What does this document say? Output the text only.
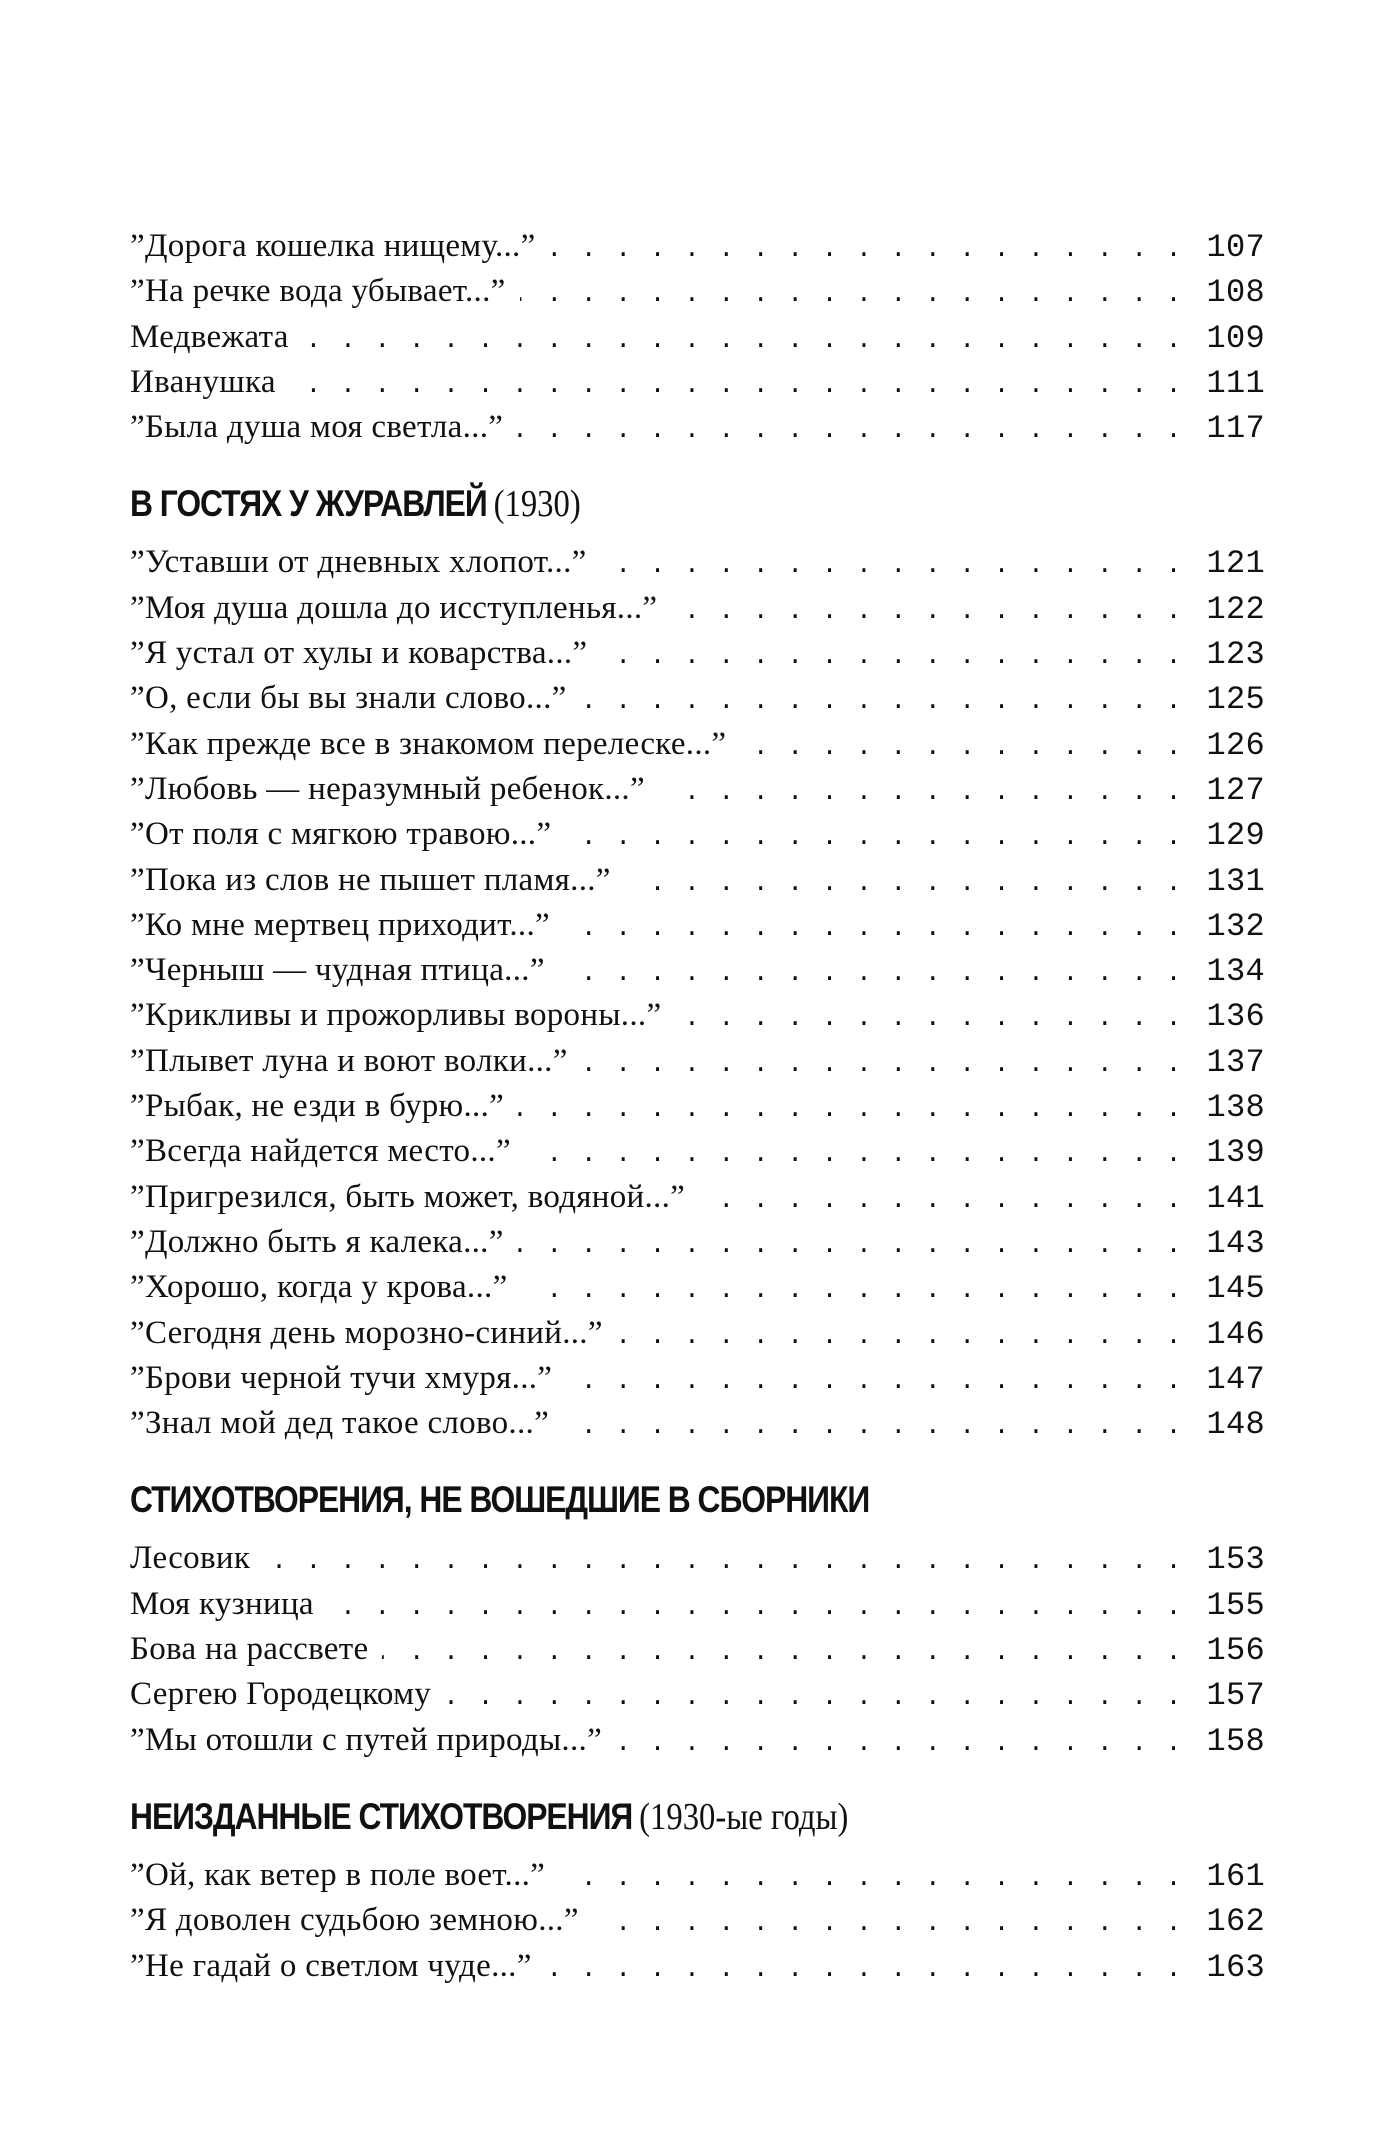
”Дорога кошелка нищему...” . . .	107
”На речке вода убывает...” . . .	108
Медвежата . . .	109
Иванушка . . .	111
”Была душа моя светла...” . . .	117
В ГОСТЯХ У ЖУРАВЛЕЙ (1930)
”Уставши от дневных хлопот...” . . .	121
”Моя душа дошла до исступленья...” . . .	122
”Я устал от хулы и коварства...” . . .	123
”О, если бы вы знали слово...” . . .	125
”Как прежде все в знакомом перелеске...” . . .	126
”Любовь — неразумный ребенок...” . . .	127
”От поля с мягкою травою...” . . .	129
”Пока из слов не пышет пламя...” . . .	131
”Ко мне мертвец приходит...” . . .	132
”Черныш — чудная птица...” . . .	134
”Крикливы и прожорливы вороны...” . . .	136
”Плывет луна и воют волки...” . . .	137
”Рыбак, не езди в бурю...” . . .	138
”Всегда найдется место...” . . .	139
”Пригрезился, быть может, водяной...” . . .	141
”Должно быть я калека...” . . .	143
”Хорошо, когда у крова...” . . .	145
”Сегодня день морозно-синий...” . . .	146
”Брови черной тучи хмуря...” . . .	147
”Знал мой дед такое слово...” . . .	148
СТИХОТВОРЕНИЯ, НЕ ВОШЕДШИЕ В СБОРНИКИ
Лесовик . . .	153
Моя кузница . . .	155
Бова на рассвете . . .	156
Сергею Городецкому . . .	157
”Мы отошли с путей природы...” . . .	158
НЕИЗДАННЫЕ СТИХОТВОРЕНИЯ (1930-ые годы)
”Ой, как ветер в поле воет...” . . .	161
”Я доволен судьбою земною...” . . .	162
”Не гадай о светлом чуде...” . . .	163
